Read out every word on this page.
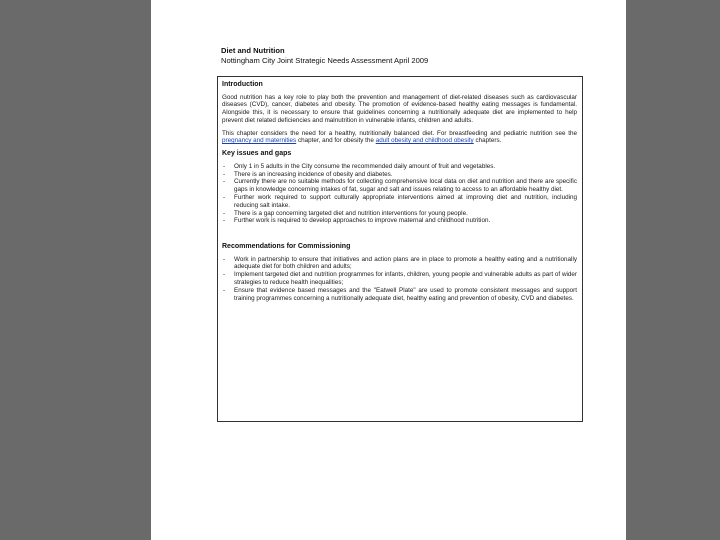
Diet and Nutrition
Nottingham City Joint Strategic Needs Assessment April 2009
Introduction

Good nutrition has a key role to play both the prevention and management of diet-related diseases such as cardiovascular diseases (CVD), cancer, diabetes and obesity. The promotion of evidence-based healthy eating messages is fundamental. Alongside this, it is necessary to ensure that guidelines concerning a nutritionally adequate diet are implemented to help prevent diet related deficiencies and malnutrition in vulnerable infants, children and adults.

This chapter considers the need for a healthy, nutritionally balanced diet. For breastfeeding and pediatric nutrition see the pregnancy and maternities chapter, and for obesity the adult obesity and childhood obesity chapters.

Key issues and gaps
- Only 1 in 5 adults in the City consume the recommended daily amount of fruit and vegetables.
- There is an increasing incidence of obesity and diabetes.
- Currently there are no suitable methods for collecting comprehensive local data on diet and nutrition and there are specific gaps in knowledge concerning intakes of fat, sugar and salt and issues relating to access to an affordable healthy diet.
- Further work required to support culturally appropriate interventions aimed at improving diet and nutrition, including reducing salt intake.
- There is a gap concerning targeted diet and nutrition interventions for young people.
- Further work is required to develop approaches to improve maternal and childhood nutrition.
Recommendations for Commissioning
- Work in partnership to ensure that initiatives and action plans are in place to promote a healthy eating and a nutritionally adequate diet for both children and adults;
- Implement targeted diet and nutrition programmes for infants, children, young people and vulnerable adults as part of wider strategies to reduce health inequalities;
- Ensure that evidence based messages and the "Eatwell Plate" are used to promote consistent messages and support training programmes concerning a nutritionally adequate diet, healthy eating and prevention of obesity, CVD and diabetes.
